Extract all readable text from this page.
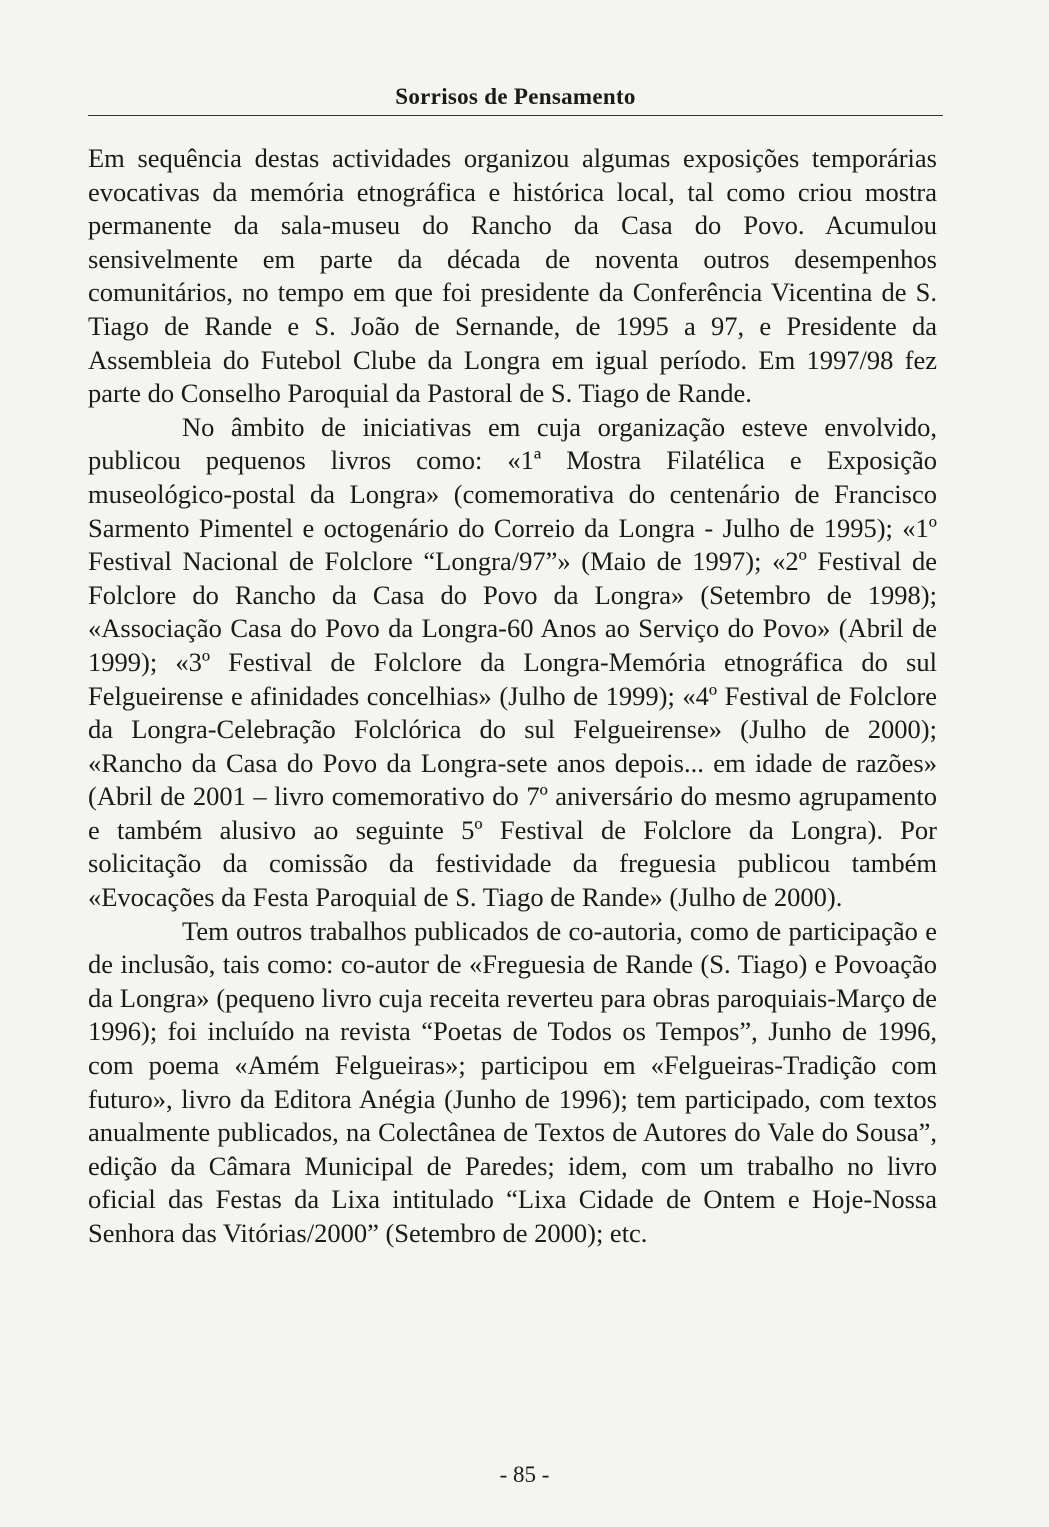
Sorrisos de Pensamento

Em sequência destas actividades organizou algumas exposições temporárias evocativas da memória etnográfica e histórica local, tal como criou mostra permanente da sala-museu do Rancho da Casa do Povo. Acumulou sensivelmente em parte da década de noventa outros desempenhos comunitários, no tempo em que foi presidente da Conferência Vicentina de S. Tiago de Rande e S. João de Sernande, de 1995 a 97, e Presidente da Assembleia do Futebol Clube da Longra em igual período. Em 1997/98 fez parte do Conselho Paroquial da Pastoral de S. Tiago de Rande.

No âmbito de iniciativas em cuja organização esteve envolvido, publicou pequenos livros como: «1ª Mostra Filatélica e Exposição museológico-postal da Longra» (comemorativa do centenário de Francisco Sarmento Pimentel e octogenário do Correio da Longra - Julho de 1995); «1º Festival Nacional de Folclore “Longra/97”» (Maio de 1997); «2º Festival de Folclore do Rancho da Casa do Povo da Longra» (Setembro de 1998); «Associação Casa do Povo da Longra-60 Anos ao Serviço do Povo» (Abril de 1999); «3º Festival de Folclore da Longra-Memória etnográfica do sul Felgueirense e afinidades concelhias» (Julho de 1999); «4º Festival de Folclore da Longra-Celebração Folclórica do sul Felgueirense» (Julho de 2000); «Rancho da Casa do Povo da Longra-sete anos depois... em idade de razões» (Abril de 2001 – livro comemorativo do 7º aniversário do mesmo agrupamento e também alusivo ao seguinte 5º Festival de Folclore da Longra). Por solicitação da comissão da festividade da freguesia publicou também «Evocações da Festa Paroquial de S. Tiago de Rande» (Julho de 2000).

Tem outros trabalhos publicados de co-autoria, como de participação e de inclusão, tais como: co-autor de «Freguesia de Rande (S. Tiago) e Povoação da Longra» (pequeno livro cuja receita reverteu para obras paroquiais-Março de 1996); foi incluído na revista “Poetas de Todos os Tempos”, Junho de 1996, com poema «Amém Felgueiras»; participou em «Felgueiras-Tradição com futuro», livro da Editora Anégia (Junho de 1996); tem participado, com textos anualmente publicados, na Colectânea de Textos de Autores do Vale do Sousa”, edição da Câmara Municipal de Paredes; idem, com um trabalho no livro oficial das Festas da Lixa intitulado “Lixa Cidade de Ontem e Hoje-Nossa Senhora das Vitórias/2000” (Setembro de 2000); etc.

- 85 -
